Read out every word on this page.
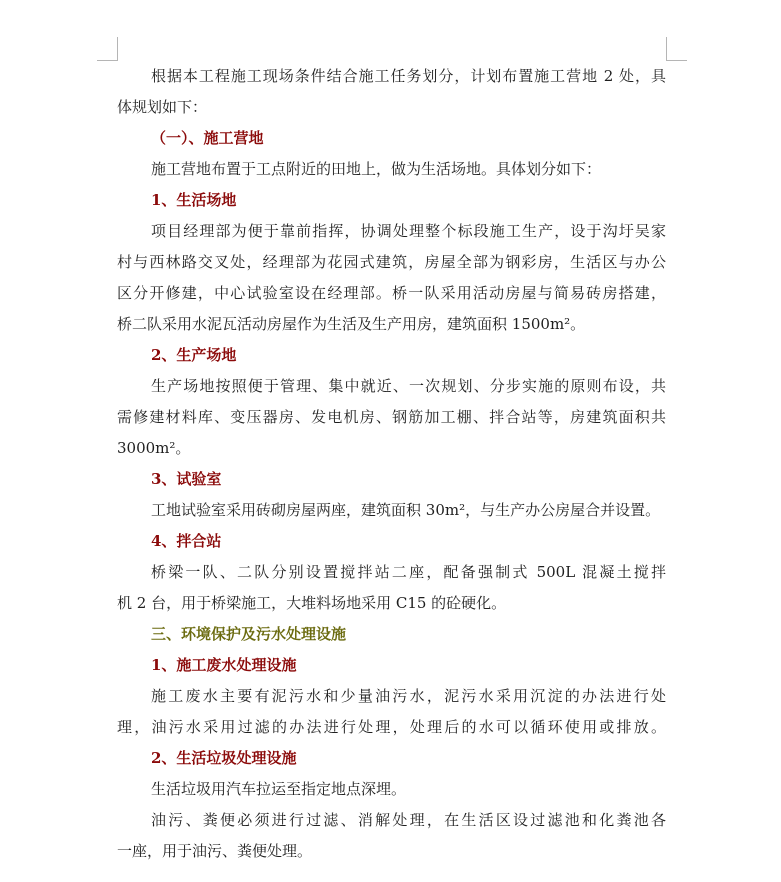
根据本工程施工现场条件结合施工任务划分，计划布置施工营地 2 处，具
体规划如下：
（一）、施工营地
施工营地布置于工点附近的田地上，做为生活场地。具体划分如下：
1、生活场地
项目经理部为便于靠前指挥，协调处理整个标段施工生产，设于沟圩吴家
村与西林路交叉处，经理部为花园式建筑，房屋全部为钢彩房，生活区与办公
区分开修建，中心试验室设在经理部。桥一队采用活动房屋与简易砖房搭建，
桥二队采用水泥瓦活动房屋作为生活及生产用房，建筑面积 1500m²。
2、生产场地
生产场地按照便于管理、集中就近、一次规划、分步实施的原则布设，共
需修建材料库、变压器房、发电机房、钢筋加工棚、拌合站等，房建筑面积共
3000m²。
3、试验室
工地试验室采用砖砌房屋两座，建筑面积 30m²，与生产办公房屋合并设置。
4、拌合站
桥梁一队、二队分别设置搅拌站二座，配备强制式 500L 混凝土搅拌
机 2 台，用于桥梁施工，大堆料场地采用 C15 的砼硬化。
三、环境保护及污水处理设施
1、施工废水处理设施
施工废水主要有泥污水和少量油污水，泥污水采用沉淀的办法进行处
理，油污水采用过滤的办法进行处理，处理后的水可以循环使用或排放。
2、生活垃圾处理设施
生活垃圾用汽车拉运至指定地点深埋。
油污、粪便必须进行过滤、消解处理，在生活区设过滤池和化粪池各
一座，用于油污、粪便处理。
